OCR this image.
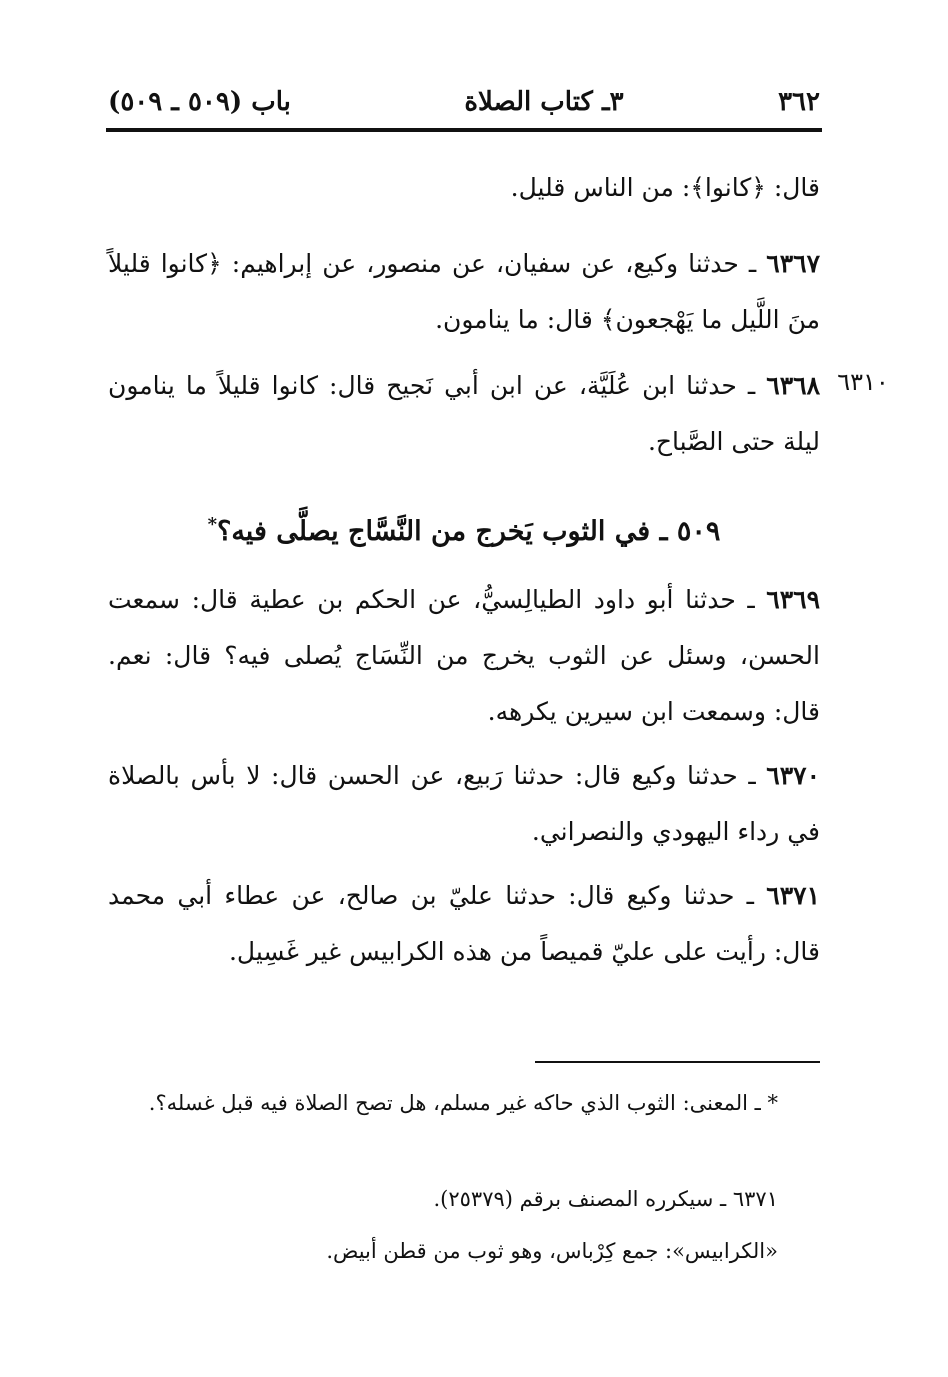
٣٦٢
٣ـ كتاب الصلاة
باب (٥٠٩ ـ ٥٠٩)
قال: ﴿كانوا﴾: من الناس قليل.
٦٣٦٧ ـ حدثنا وكيع، عن سفيان، عن منصور، عن إبراهيم: ﴿كانوا قليلاً منَ اللَّيل ما يَهْجعون﴾ قال: ما ينامون.
٦٣١٠
٦٣٦٨ ـ حدثنا ابن عُلَيَّة، عن ابن أبي نَجيح قال: كانوا قليلاً ما ينامون ليلة حتى الصَّباح.
٥٠٩ ـ في الثوب يَخرج من النَّسَّاج يصلَّى فيه؟*
٦٣٦٩ ـ حدثنا أبو داود الطيالِسيُّ، عن الحكم بن عطية قال: سمعت الحسن، وسئل عن الثوب يخرج من النِّسَاج يُصلى فيه؟ قال: نعم. قال: وسمعت ابن سيرين يكرهه.
٦٣٧٠ ـ حدثنا وكيع قال: حدثنا رَبيع، عن الحسن قال: لا بأس بالصلاة في رداء اليهودي والنصراني.
٦٣٧١ ـ حدثنا وكيع قال: حدثنا عليّ بن صالح، عن عطاء أبي محمد قال: رأيت على عليّ قميصاً من هذه الكرابيس غير غَسِيل.
* ـ المعنى: الثوب الذي حاكه غير مسلم، هل تصح الصلاة فيه قبل غسله؟.
٦٣٧١ ـ سيكرره المصنف برقم (٢٥٣٧٩).
«الكرابيس»: جمع كِرْباس، وهو ثوب من قطن أبيض.
